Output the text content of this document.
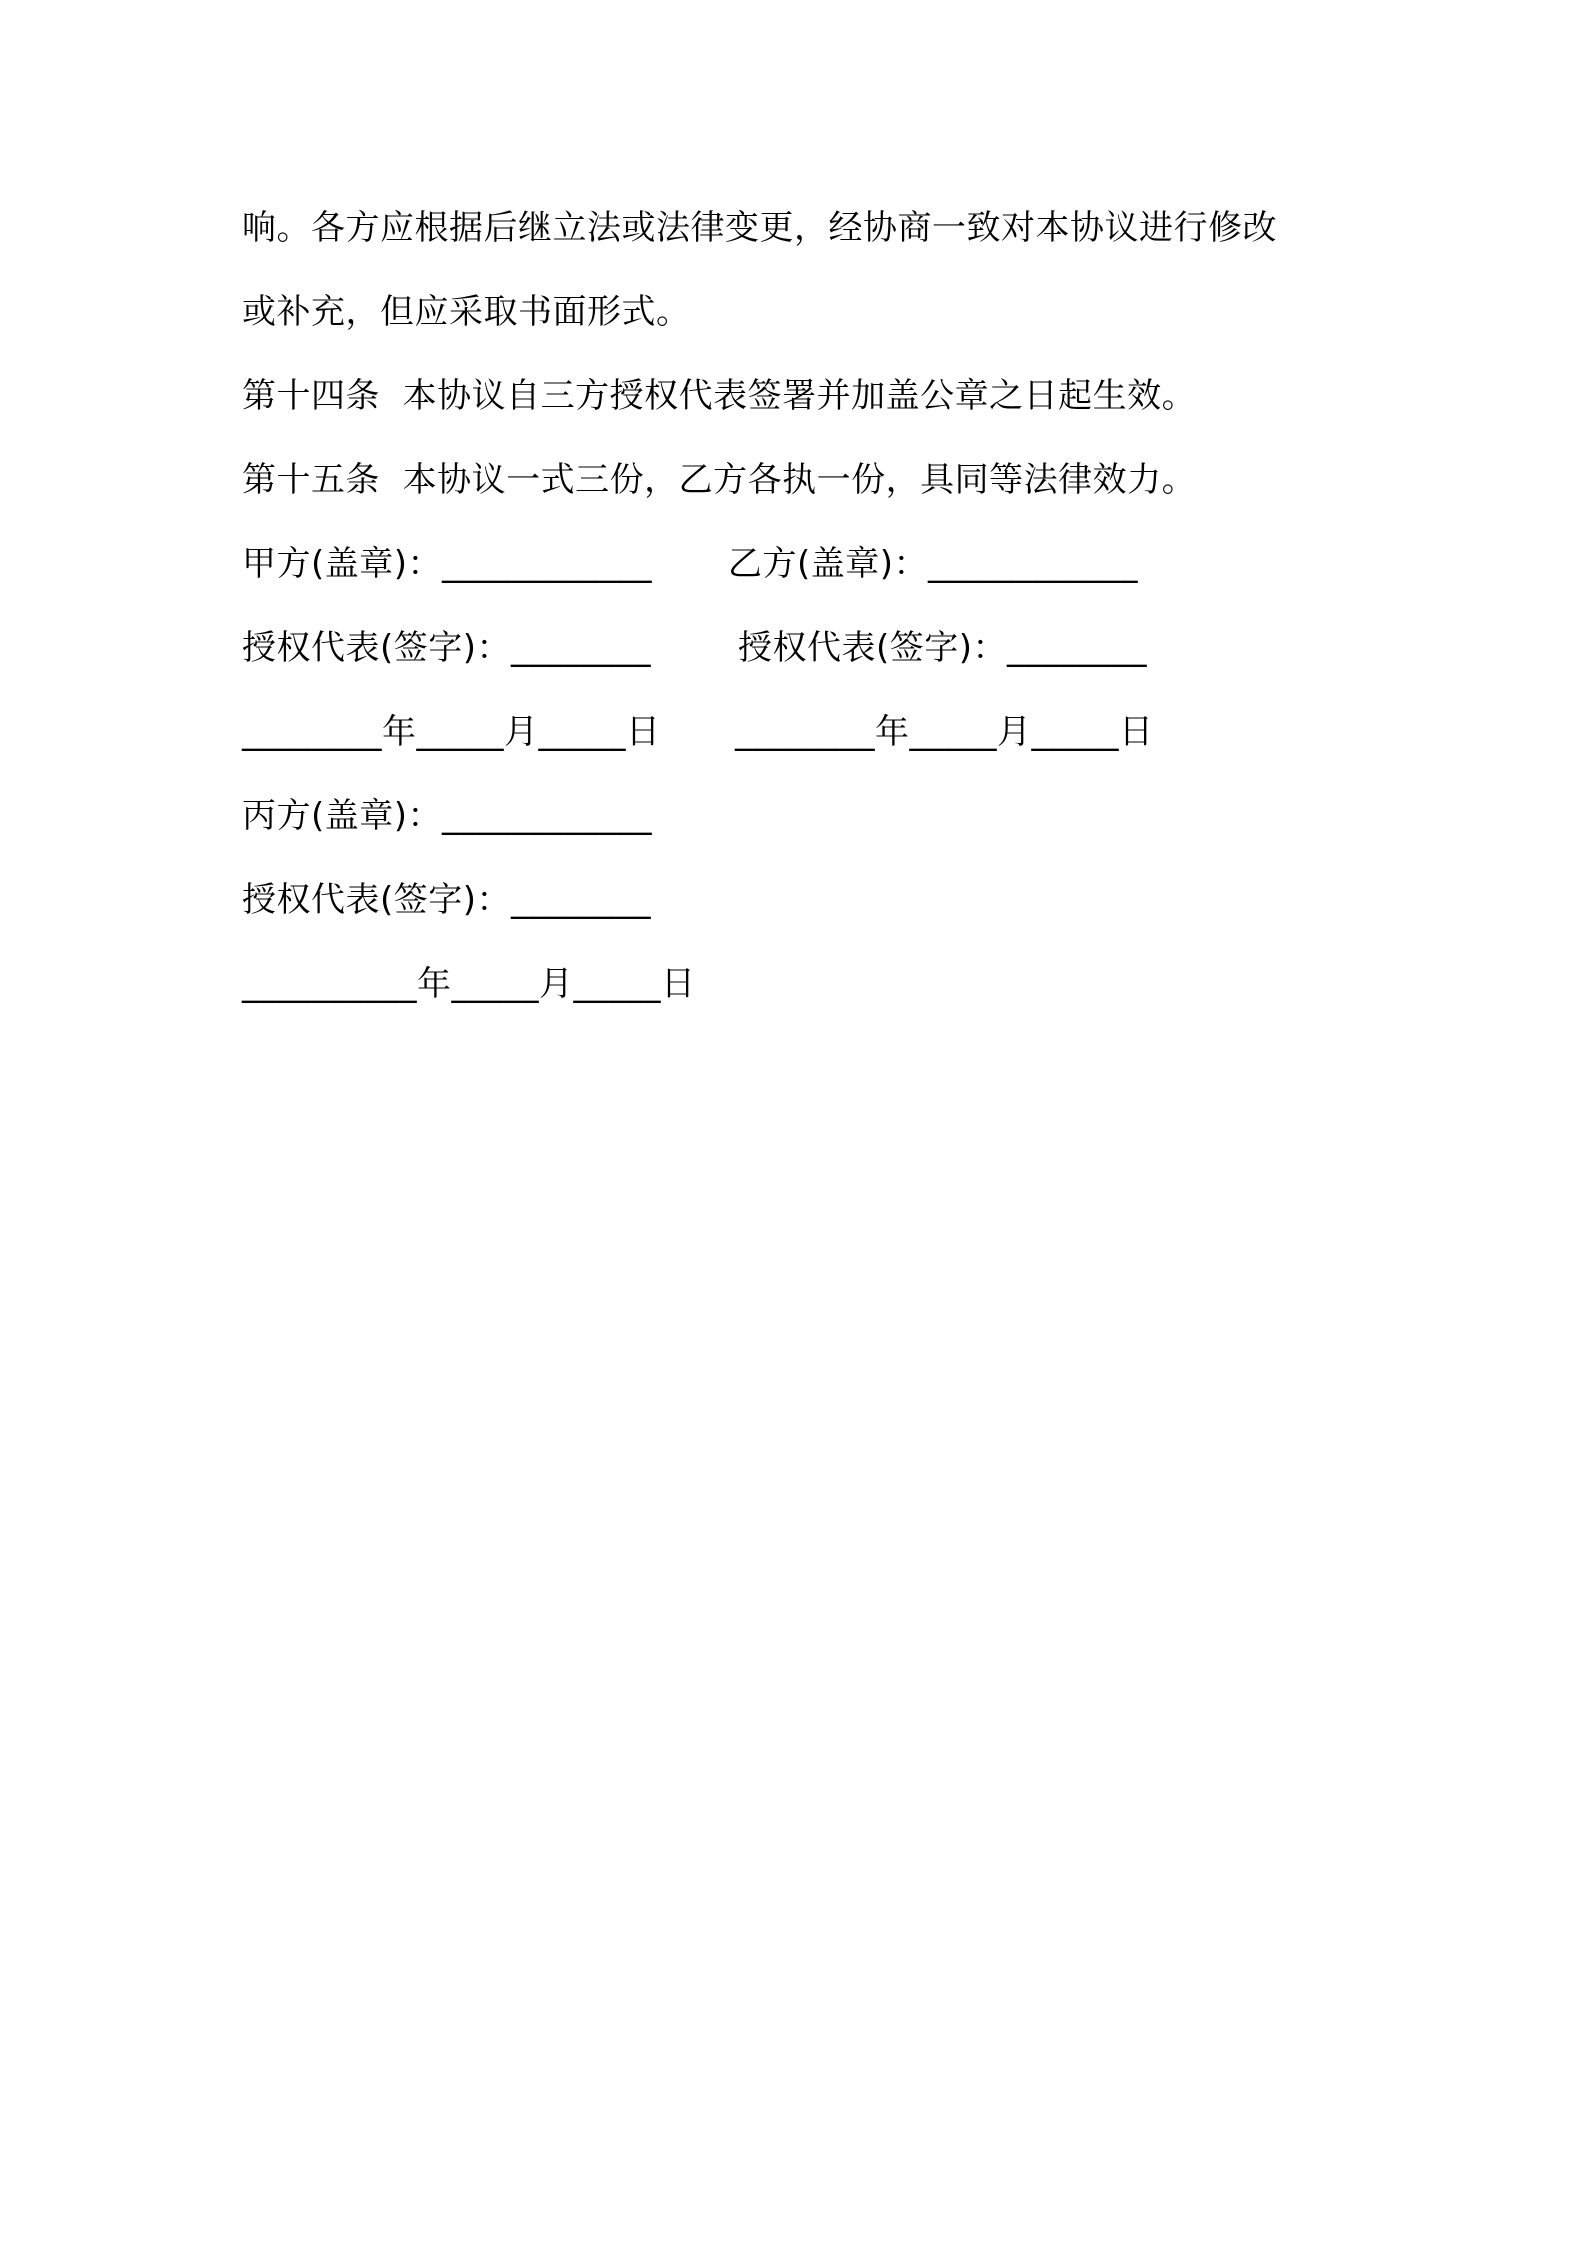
响。各方应根据后继立法或法律变更，经协商一致对本协议进行修改
或补充，但应采取书面形式。
第十四条  本协议自三方授权代表签署并加盖公章之日起生效。
第十五条  本协议一式三份，乙方各执一份，具同等法律效力。
甲方(盖章)：____________ 乙方(盖章)：____________
授权代表(签字)：________	授权代表(签字)：________
________年_____月_____日 ________年_____月_____日
丙方(盖章)：____________
授权代表(签字)：________
__________年_____月_____日
